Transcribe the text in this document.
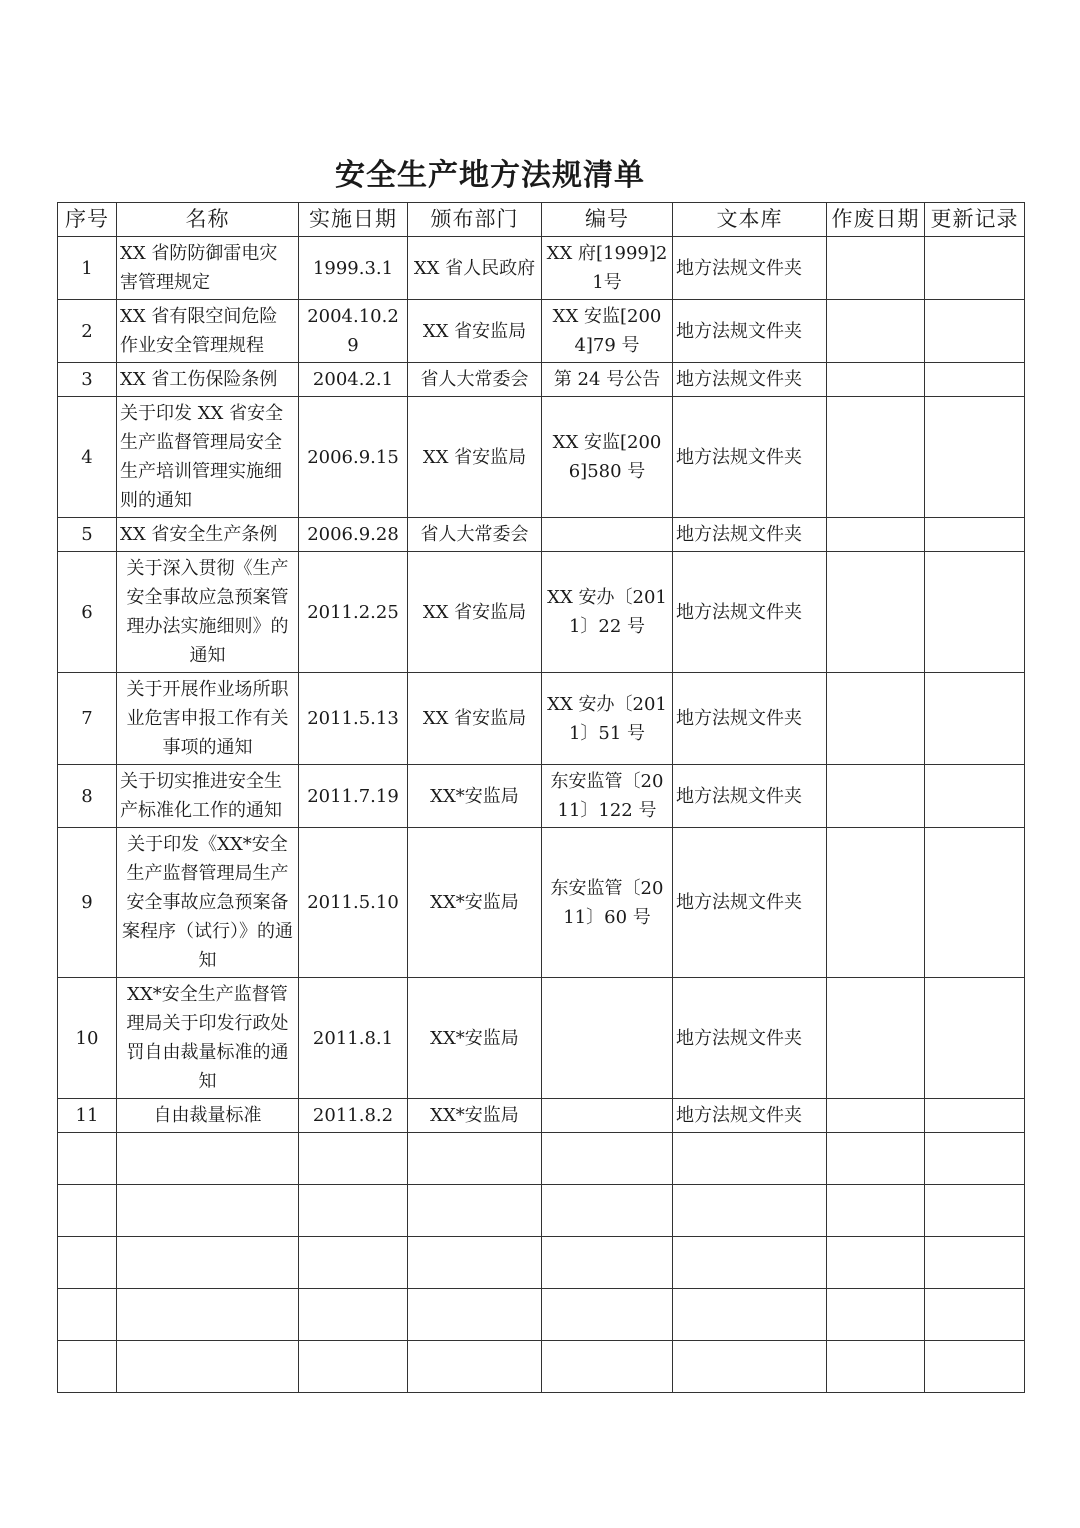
安全生产地方法规清单
序号	名称	实施日期	颁布部门	编号	文本库	作废日期	更新记录
1	XX 省防防御雷电灾害管理规定	1999.3.1	XX 省人民政府	XX 府[1999]21号	地方法规文件夹		
2	XX 省有限空间危险作业安全管理规程	2004.10.29	XX 省安监局	XX 安监[2004]79 号	地方法规文件夹		
3	XX 省工伤保险条例	2004.2.1	省人大常委会	第 24 号公告	地方法规文件夹		
4	关于印发 XX 省安全生产监督管理局安全生产培训管理实施细则的通知	2006.9.15	XX 省安监局	XX 安监[2006]580 号	地方法规文件夹		
5	XX 省安全生产条例	2006.9.28	省人大常委会		地方法规文件夹		
6	关于深入贯彻《生产安全事故应急预案管理办法实施细则》的通知	2011.2.25	XX 省安监局	XX 安办〔2011〕22 号	地方法规文件夹		
7	关于开展作业场所职业危害申报工作有关事项的通知	2011.5.13	XX 省安监局	XX 安办〔2011〕51 号	地方法规文件夹		
8	关于切实推进安全生产标准化工作的通知	2011.7.19	XX*安监局	东安监管〔2011〕122 号	地方法规文件夹		
9	关于印发《XX*安全生产监督管理局生产安全事故应急预案备案程序（试行）》的通知	2011.5.10	XX*安监局	东安监管〔2011〕60 号	地方法规文件夹		
10	XX*安全生产监督管理局关于印发行政处罚自由裁量标准的通知	2011.8.1	XX*安监局		地方法规文件夹		
11	自由裁量标准	2011.8.2	XX*安监局		地方法规文件夹		
